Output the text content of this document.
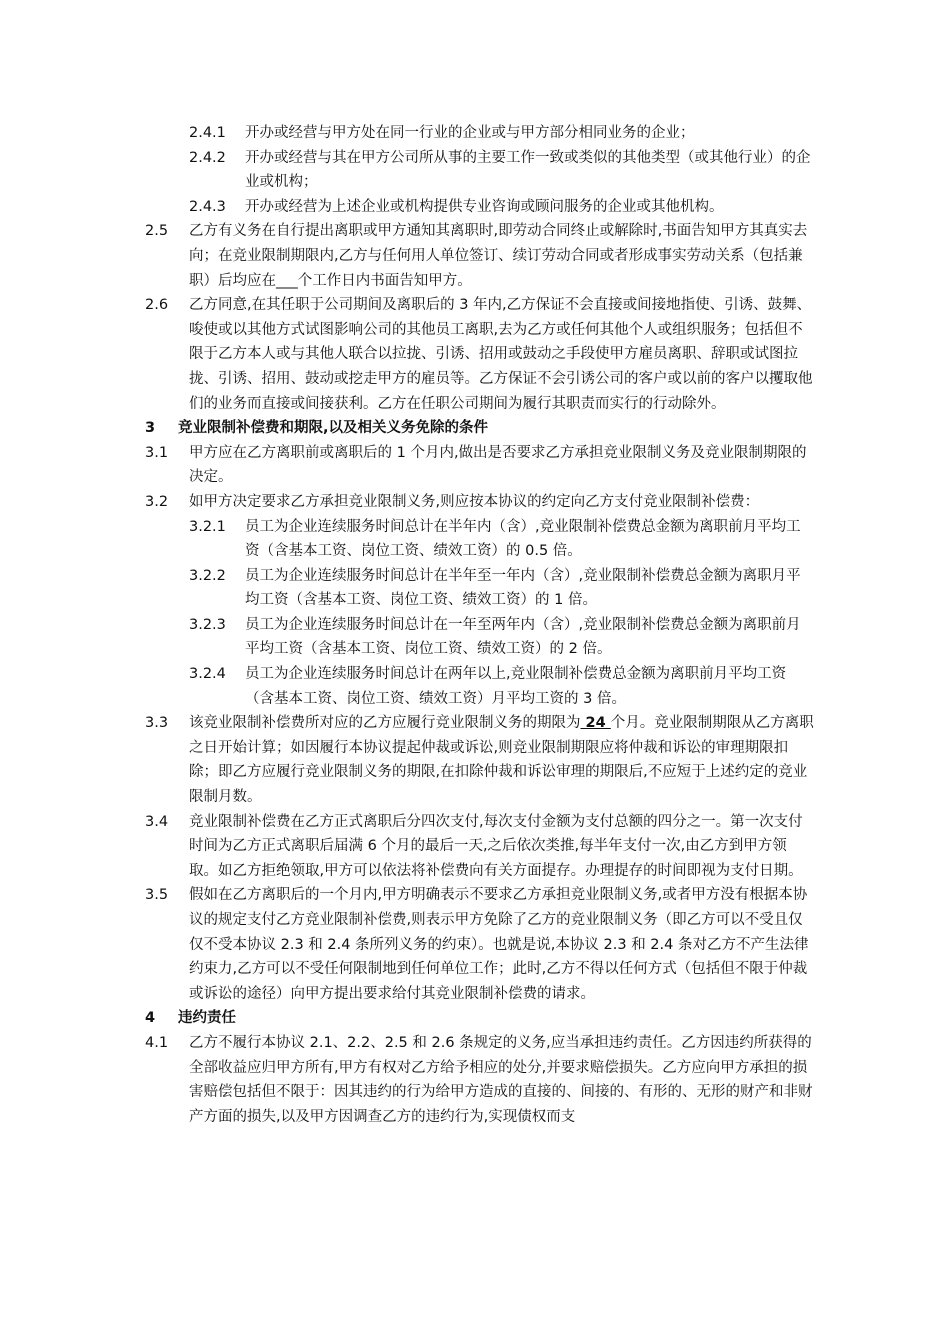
2.4.1	开办或经营与甲方处在同一行业的企业或与甲方部分相同业务的企业；
2.4.2	开办或经营与其在甲方公司所从事的主要工作一致或类似的其他类型（或其他行业）的企业或机构；
2.4.3	开办或经营为上述企业或机构提供专业咨询或顾问服务的企业或其他机构。
2.5	乙方有义务在自行提出离职或甲方通知其离职时,即劳动合同终止或解除时,书面告知甲方其真实去向；在竞业限制期限内,乙方与任何用人单位签订、续订劳动合同或者形成事实劳动关系（包括兼职）后均应在___个工作日内书面告知甲方。
2.6	乙方同意,在其任职于公司期间及离职后的 3 年内,乙方保证不会直接或间接地指使、引诱、鼓舞、唆使或以其他方式试图影响公司的其他员工离职,去为乙方或任何其他个人或组织服务；包括但不限于乙方本人或与其他人联合以拉拢、引诱、招用或鼓动之手段使甲方雇员离职、辞职或试图拉拢、引诱、招用、鼓动或挖走甲方的雇员等。乙方保证不会引诱公司的客户或以前的客户以攫取他们的业务而直接或间接获利。乙方在任职公司期间为履行其职责而实行的行动除外。
3	竞业限制补偿费和期限,以及相关义务免除的条件
3.1	甲方应在乙方离职前或离职后的 1 个月内,做出是否要求乙方承担竞业限制义务及竞业限制期限的决定。
3.2	如甲方决定要求乙方承担竞业限制义务,则应按本协议的约定向乙方支付竞业限制补偿费：
3.2.1	员工为企业连续服务时间总计在半年内（含）,竞业限制补偿费总金额为离职前月平均工资（含基本工资、岗位工资、绩效工资）的 0.5 倍。
3.2.2	员工为企业连续服务时间总计在半年至一年内（含）,竞业限制补偿费总金额为离职月平均工资（含基本工资、岗位工资、绩效工资）的 1 倍。
3.2.3	员工为企业连续服务时间总计在一年至两年内（含）,竞业限制补偿费总金额为离职前月平均工资（含基本工资、岗位工资、绩效工资）的 2 倍。
3.2.4	员工为企业连续服务时间总计在两年以上,竞业限制补偿费总金额为离职前月平均工资（含基本工资、岗位工资、绩效工资）月平均工资的 3 倍。
3.3	该竞业限制补偿费所对应的乙方应履行竞业限制义务的期限为 24 个月。竞业限制期限从乙方离职之日开始计算；如因履行本协议提起仲裁或诉讼,则竞业限制期限应将仲裁和诉讼的审理期限扣除；即乙方应履行竞业限制义务的期限,在扣除仲裁和诉讼审理的期限后,不应短于上述约定的竞业限制月数。
3.4	竞业限制补偿费在乙方正式离职后分四次支付,每次支付金额为支付总额的四分之一。第一次支付时间为乙方正式离职后届满 6 个月的最后一天,之后依次类推,每半年支付一次,由乙方到甲方领取。如乙方拒绝领取,甲方可以依法将补偿费向有关方面提存。办理提存的时间即视为支付日期。
3.5	假如在乙方离职后的一个月内,甲方明确表示不要求乙方承担竞业限制义务,或者甲方没有根据本协议的规定支付乙方竞业限制补偿费,则表示甲方免除了乙方的竞业限制义务（即乙方可以不受且仅仅不受本协议 2.3 和 2.4 条所列义务的约束）。也就是说,本协议 2.3 和 2.4 条对乙方不产生法律约束力,乙方可以不受任何限制地到任何单位工作；此时,乙方不得以任何方式（包括但不限于仲裁或诉讼的途径）向甲方提出要求给付其竞业限制补偿费的请求。
4	违约责任
4.1	乙方不履行本协议 2.1、2.2、2.5 和 2.6 条规定的义务,应当承担违约责任。乙方因违约所获得的全部收益应归甲方所有,甲方有权对乙方给予相应的处分,并要求赔偿损失。乙方应向甲方承担的损害赔偿包括但不限于：因其违约的行为给甲方造成的直接的、间接的、有形的、无形的财产和非财产方面的损失,以及甲方因调查乙方的违约行为,实现债权而支
